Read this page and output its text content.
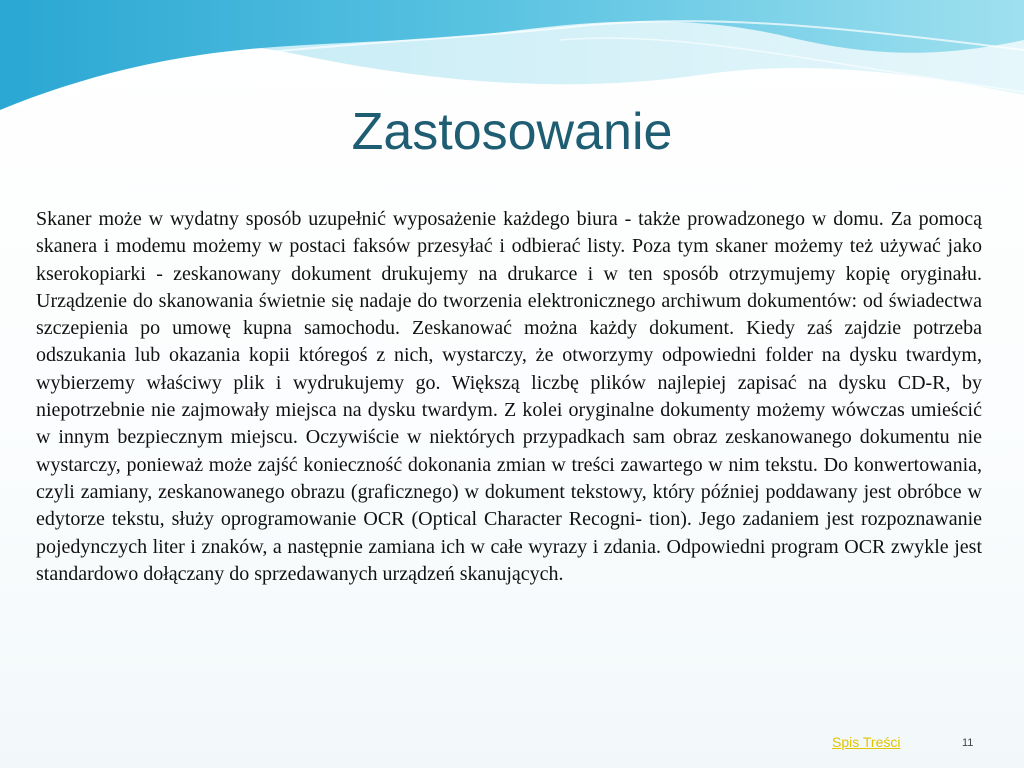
Zastosowanie

Skaner może w wydatny sposób uzupełnić wyposażenie każdego biura - także prowadzonego w domu. Za pomocą skanera i modemu możemy w postaci faksów przesyłać i odbierać listy. Poza tym skaner możemy też używać jako kserokopiarki - zeskanowany dokument drukujemy na drukarce i w ten sposób otrzymujemy kopię oryginału. Urządzenie do skanowania świetnie się nadaje do tworzenia elektronicznego archiwum dokumentów: od świadectwa szczepienia po umowę kupna samochodu. Zeskanować można każdy dokument. Kiedy zaś zajdzie potrzeba odszukania lub okazania kopii któregoś z nich, wystarczy, że otworzymy odpowiedni folder na dysku twardym, wybierzemy właściwy plik i wydrukujemy go. Większą liczbę plików najlepiej zapisać na dysku CD-R, by niepotrzebnie nie zajmowały miejsca na dysku twardym. Z kolei oryginalne dokumenty możemy wówczas umieścić w innym bezpiecznym miejscu. Oczywiście w niektórych przypadkach sam obraz zeskanowanego dokumentu nie wystarczy, ponieważ może zajść konieczność dokonania zmian w treści zawartego w nim tekstu. Do konwertowania, czyli zamiany, zeskanowanego obrazu (graficznego) w dokument tekstowy, który później poddawany jest obróbce w edytorze tekstu, służy oprogramowanie OCR (Optical Character Recogni- tion). Jego zadaniem jest rozpoznawanie pojedynczych liter i znaków, a następnie zamiana ich w całe wyrazy i zdania. Odpowiedni program OCR zwykle jest standardowo dołączany do sprzedawanych urządzeń skanujących.

Spis Treści	11
